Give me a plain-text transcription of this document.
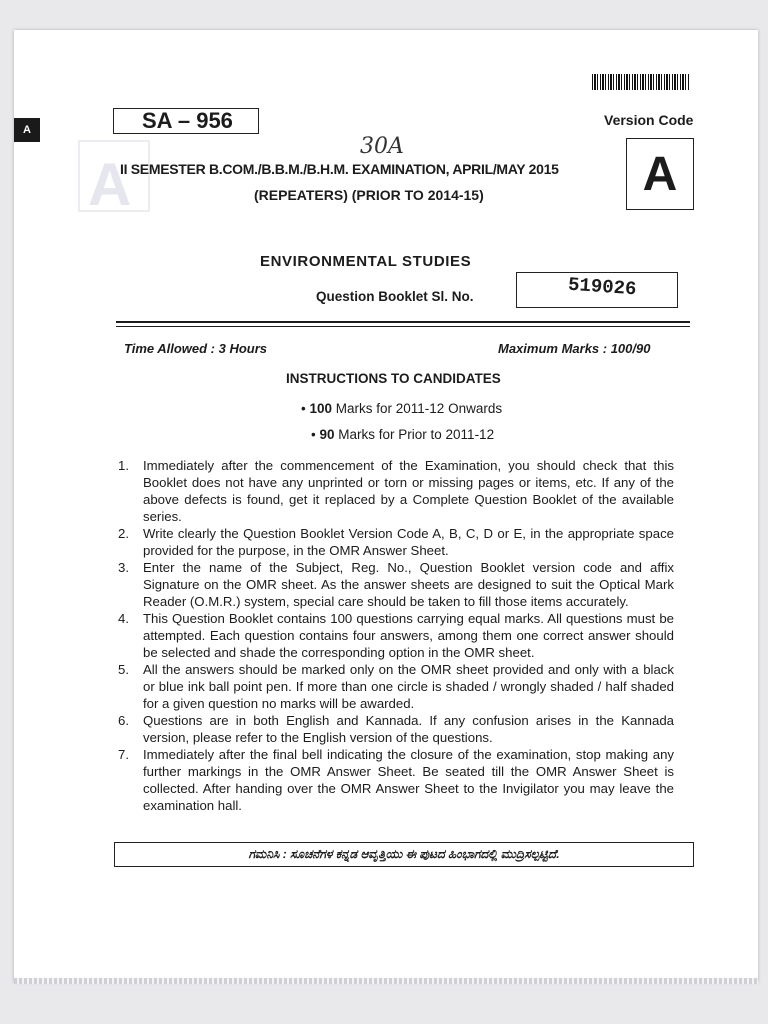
A
A	SA – 956	Version Code
A
30A
II SEMESTER B.COM./B.B.M./B.H.M. EXAMINATION, APRIL/MAY 2015
(REPEATERS) (PRIOR TO 2014-15)
ENVIRONMENTAL STUDIES
Question Booklet Sl. No.	519026
Time Allowed : 3 Hours	Maximum Marks : 100/90
INSTRUCTIONS TO CANDIDATES
• 100 Marks for 2011-12 Onwards
• 90 Marks for Prior to 2011-12
1.	Immediately after the commencement of the Examination, you should check that this Booklet does not have any unprinted or torn or missing pages or items, etc. If any of the above defects is found, get it replaced by a Complete Question Booklet of the available series.
2.	Write clearly the Question Booklet Version Code A, B, C, D or E, in the appropriate space provided for the purpose, in the OMR Answer Sheet.
3.	Enter the name of the Subject, Reg. No., Question Booklet version code and affix Signature on the OMR sheet. As the answer sheets are designed to suit the Optical Mark Reader (O.M.R.) system, special care should be taken to fill those items accurately.
4.	This Question Booklet contains 100 questions carrying equal marks. All questions must be attempted. Each question contains four answers, among them one correct answer should be selected and shade the corresponding option in the OMR sheet.
5.	All the answers should be marked only on the OMR sheet provided and only with a black or blue ink ball point pen. If more than one circle is shaded / wrongly shaded / half shaded for a given question no marks will be awarded.
6.	Questions are in both English and Kannada. If any confusion arises in the Kannada version, please refer to the English version of the questions.
7.	Immediately after the final bell indicating the closure of the examination, stop making any further markings in the OMR Answer Sheet. Be seated till the OMR Answer Sheet is collected. After handing over the OMR Answer Sheet to the Invigilator you may leave the examination hall.
ಗಮನಿಸಿ : ಸೂಚನೆಗಳ ಕನ್ನಡ ಆವೃತ್ತಿಯು ಈ ಪುಟದ ಹಿಂಭಾಗದಲ್ಲಿ ಮುದ್ರಿಸಲ್ಪಟ್ಟಿದೆ.
